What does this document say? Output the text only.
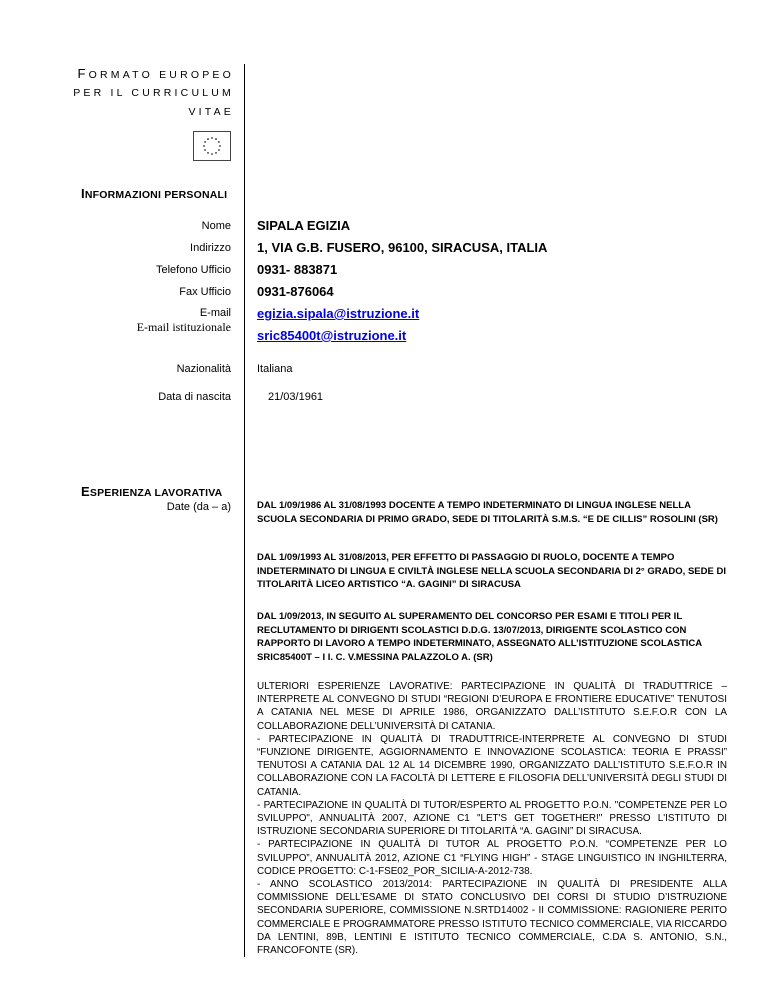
FORMATO EUROPEO
PER IL CURRICULUM
VITAE
INFORMAZIONI PERSONALI
Nome SIPALA EGIZIA
Indirizzo 1, VIA G.B. FUSERO, 96100, SIRACUSA, ITALIA
Telefono Ufficio 0931- 883871
Fax Ufficio 0931-876064
E-mail egizia.sipala@istruzione.it
E-mail istituzionale
sric85400t@istruzione.it
Nazionalità Italiana
Data di nascita	21/03/1961
ESPERIENZA LAVORATIVA
Date (da – a)	DAL 1/09/1986 AL 31/08/1993 DOCENTE A TEMPO INDETERMINATO DI LINGUA INGLESE NELLA SCUOLA SECONDARIA DI PRIMO GRADO, SEDE DI TITOLARITÀ S.M.S. “E DE CILLIS” ROSOLINI (SR)
DAL 1/09/1993 AL 31/08/2013, PER EFFETTO DI PASSAGGIO DI RUOLO, DOCENTE A TEMPO INDETERMINATO DI LINGUA E CIVILTÀ INGLESE NELLA SCUOLA SECONDARIA DI 2° GRADO, SEDE DI TITOLARITÀ LICEO ARTISTICO “A. GAGINI” DI SIRACUSA
DAL 1/09/2013, IN SEGUITO AL SUPERAMENTO DEL CONCORSO PER ESAMI E TITOLI PER IL RECLUTAMENTO DI DIRIGENTI SCOLASTICI D.D.G. 13/07/2013, DIRIGENTE SCOLASTICO CON RAPPORTO DI LAVORO A TEMPO INDETERMINATO, ASSEGNATO ALL’ISTITUZIONE SCOLASTICA SRIC85400T – I I. C. V.MESSINA PALAZZOLO A. (SR)
ULTERIORI ESPERIENZE LAVORATIVE: PARTECIPAZIONE IN QUALITÀ DI TRADUTTRICE – INTERPRETE AL CONVEGNO DI STUDI “REGIONI D’EUROPA E FRONTIERE EDUCATIVE” TENUTOSI A CATANIA NEL MESE DI APRILE 1986, ORGANIZZATO DALL’ISTITUTO S.E.F.O.R CON LA COLLABORAZIONE DELL’UNIVERSITÀ DI CATANIA.
- PARTECIPAZIONE IN QUALITÀ DI TRADUTTRICE-INTERPRETE AL CONVEGNO DI STUDI “FUNZIONE DIRIGENTE, AGGIORNAMENTO E INNOVAZIONE SCOLASTICA: TEORIA E PRASSI” TENUTOSI A CATANIA DAL 12 AL 14 DICEMBRE 1990, ORGANIZZATO DALL’ISTITUTO S.E.F.O.R IN COLLABORAZIONE CON LA FACOLTÀ DI LETTERE E FILOSOFIA DELL’UNIVERSITÀ DEGLI STUDI DI CATANIA.
- PARTECIPAZIONE IN QUALITÀ DI TUTOR/ESPERTO AL PROGETTO P.O.N. "COMPETENZE PER LO SVILUPPO", ANNUALITÀ 2007, AZIONE C1 "LET'S GET TOGETHER!" PRESSO L'ISTITUTO DI ISTRUZIONE SECONDARIA SUPERIORE DI TITOLARITÀ “A. GAGINI” DI SIRACUSA.
- PARTECIPAZIONE IN QUALITÀ DI TUTOR AL PROGETTO P.O.N. “COMPETENZE PER LO SVILUPPO”, ANNUALITÀ 2012, AZIONE C1 “FLYING HIGH” - STAGE LINGUISTICO IN INGHILTERRA, CODICE PROGETTO: C-1-FSE02_POR_SICILIA-A-2012-738.
- ANNO SCOLASTICO 2013/2014: PARTECIPAZIONE IN QUALITÀ DI PRESIDENTE ALLA COMMISSIONE DELL’ESAME DI STATO CONCLUSIVO DEI CORSI DI STUDIO D’ISTRUZIONE SECONDARIA SUPERIORE, COMMISSIONE N.SRTD14002 - II COMMISSIONE: RAGIONIERE PERITO COMMERCIALE E PROGRAMMATORE PRESSO ISTITUTO TECNICO COMMERCIALE, VIA RICCARDO DA LENTINI, 89B, LENTINI E ISTITUTO TECNICO COMMERCIALE, C.DA S. ANTONIO, S.N., FRANCOFONTE (SR).
